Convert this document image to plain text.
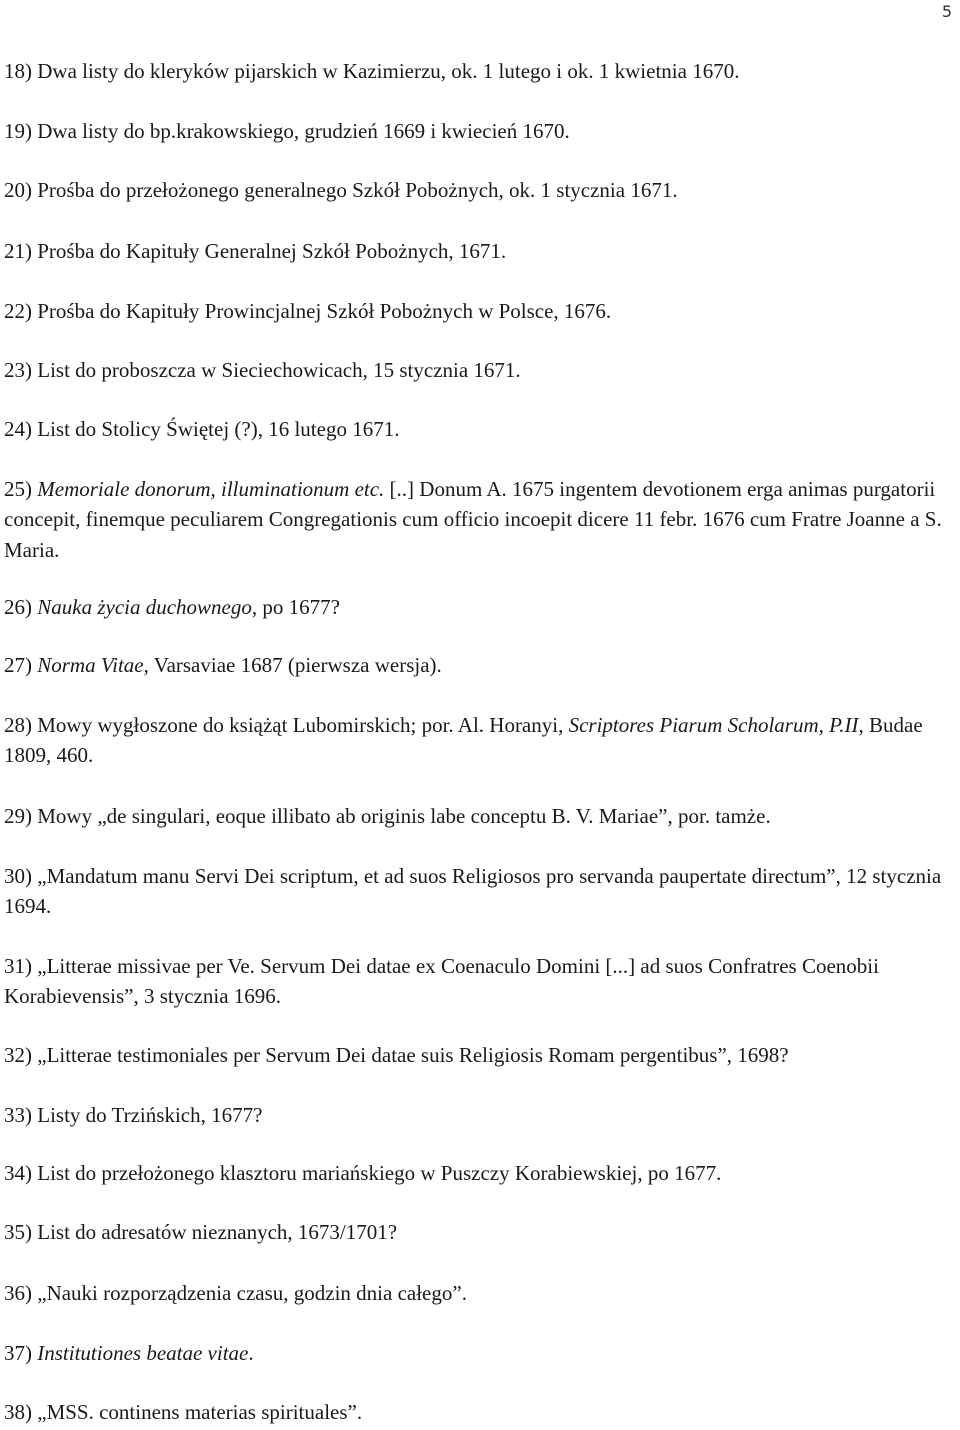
5

18) Dwa listy do kleryków pijarskich w Kazimierzu, ok. 1 lutego i ok. 1 kwietnia 1670.

19) Dwa listy do bp.krakowskiego, grudzień 1669 i kwiecień 1670.

20) Prośba do przełożonego generalnego Szkół Pobożnych, ok. 1 stycznia 1671.

21) Prośba do Kapituły Generalnej Szkół Pobożnych, 1671.

22) Prośba do Kapituły Prowincjalnej Szkół Pobożnych w Polsce, 1676.

23) List do proboszcza w Sieciechowicach, 15 stycznia 1671.

24) List do Stolicy Świętej (?), 16 lutego 1671.

25) Memoriale donorum, illuminationum etc. [..] Donum A. 1675 ingentem devotionem erga animas purgatorii concepit, finemque peculiarem Congregationis cum officio incoepit dicere 11 febr. 1676 cum Fratre Joanne a S. Maria.

26) Nauka życia duchownego, po 1677?

27) Norma Vitae, Varsaviae 1687 (pierwsza wersja).

28) Mowy wygłoszone do książąt Lubomirskich; por. Al. Horanyi, Scriptores Piarum Scholarum, P.II, Budae 1809, 460.

29) Mowy „de singulari, eoque illibato ab originis labe conceptu B. V. Mariae”, por. tamże.

30) „Mandatum manu Servi Dei scriptum, et ad suos Religiosos pro servanda paupertate directum”, 12 stycznia 1694.

31) „Litterae missivae per Ve. Servum Dei datae ex Coenaculo Domini [...] ad suos Confratres Coenobii Korabievensis”, 3 stycznia 1696.

32) „Litterae testimoniales per Servum Dei datae suis Religiosis Romam pergentibus”, 1698?

33) Listy do Trzińskich, 1677?

34) List do przełożonego klasztoru mariańskiego w Puszczy Korabiewskiej, po 1677.

35) List do adresatów nieznanych, 1673/1701?

36) „Nauki rozporządzenia czasu, godzin dnia całego”.

37) Institutiones beatae vitae.

38) „MSS. continens materias spirituales”.
